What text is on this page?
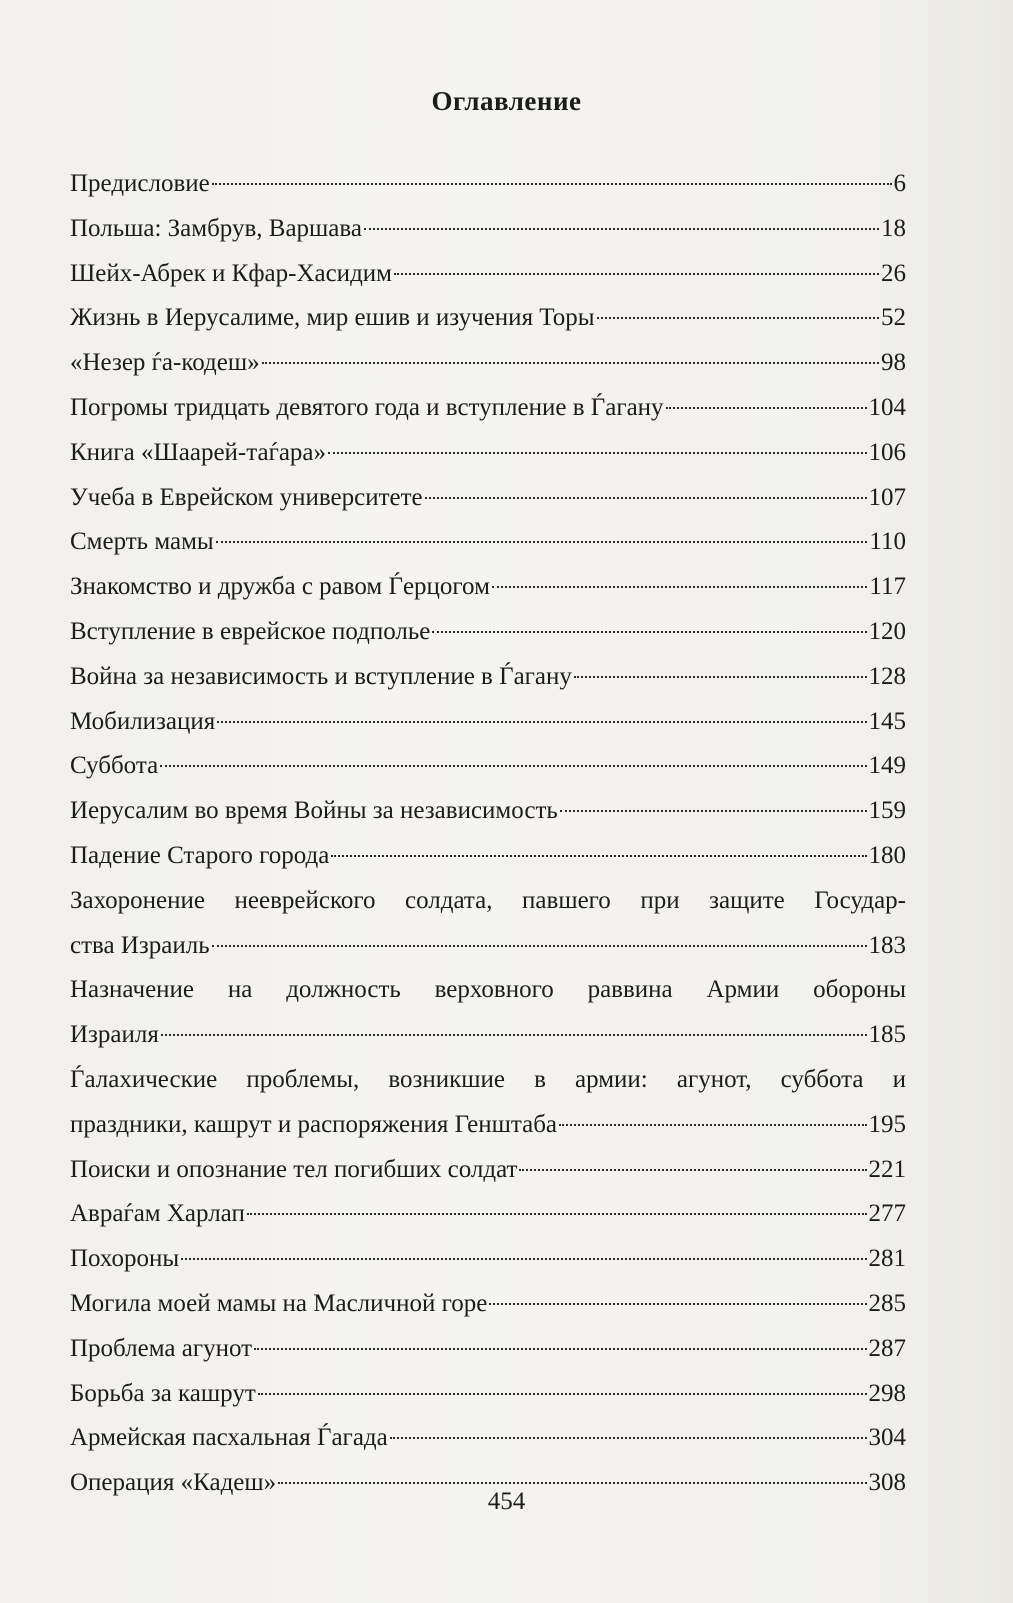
Оглавление
Предисловие	6
Польша: Замбрув, Варшава	18
Шейх-Абрек и Кфар-Хасидим	26
Жизнь в Иерусалиме, мир ешив и изучения Торы	52
«Незер ѓа-кодеш»	98
Погромы тридцать девятого года и вступление в Ѓагану	104
Книга «Шаарей-таѓара»	106
Учеба в Еврейском университете	107
Смерть мамы	110
Знакомство и дружба с равом Ѓерцогом	117
Вступление в еврейское подполье	120
Война за независимость и вступление в Ѓагану	128
Мобилизация	145
Суббота	149
Иерусалим во время Войны за независимость	159
Падение Старого города	180
Захоронение нееврейского солдата, павшего при защите Государ-
ства Израиль	183
Назначение на должность верховного раввина Армии обороны
Израиля	185
Ѓалахические проблемы, возникшие в армии: агунот, суббота и
праздники, кашрут и распоряжения Генштаба	195
Поиски и опознание тел погибших солдат	221
Авраѓам Харлап	277
Похороны	281
Могила моей мамы на Масличной горе	285
Проблема агунот	287
Борьба за кашрут	298
Армейская пасхальная Ѓагада	304
Операция «Кадеш»	308
454
